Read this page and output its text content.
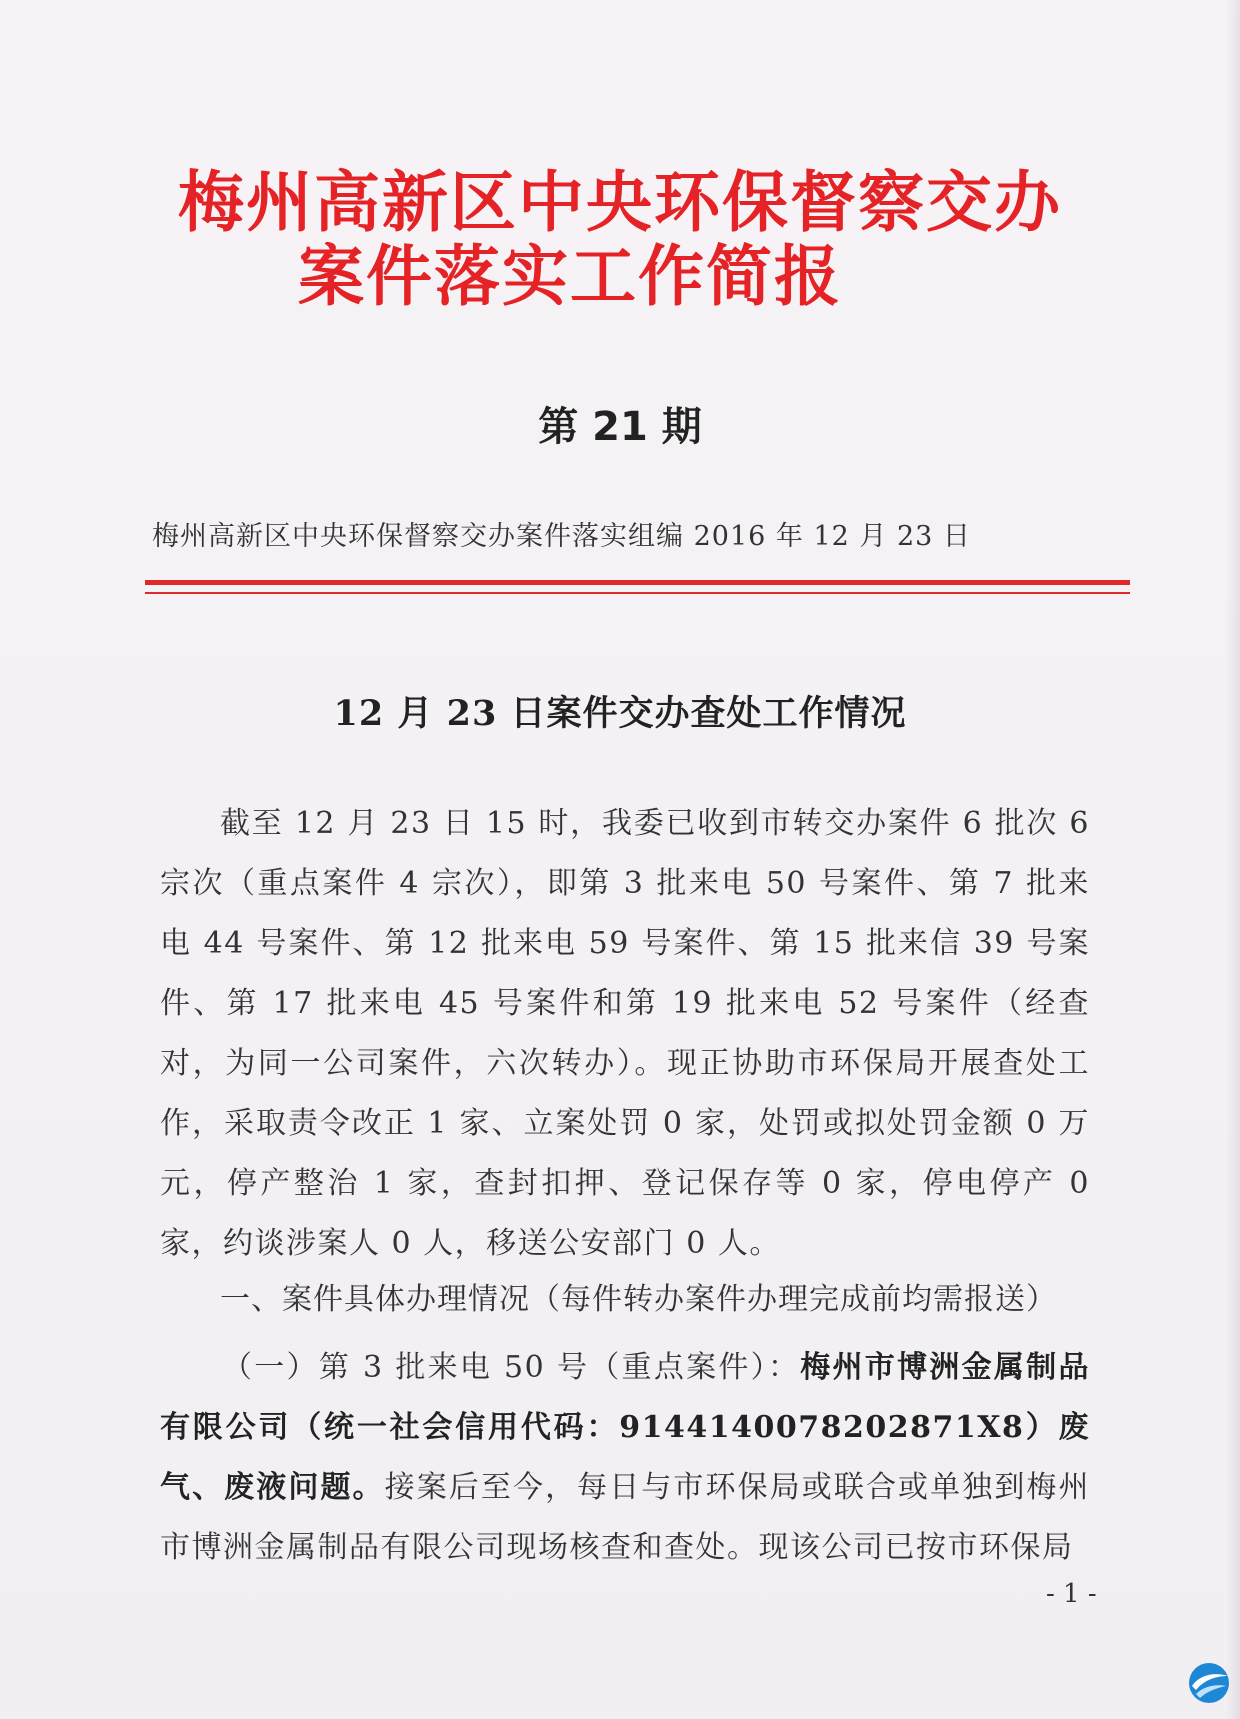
梅州高新区中央环保督察交办
案件落实工作简报
第 21 期
梅州高新区中央环保督察交办案件落实组编 2016 年 12 月 23 日
12 月 23 日案件交办查处工作情况
截至 12 月 23 日 15 时，我委已收到市转交办案件 6 批次 6 宗次（重点案件 4 宗次），即第 3 批来电 50 号案件、第 7 批来电 44 号案件、第 12 批来电 59 号案件、第 15 批来信 39 号案件、第 17 批来电 45 号案件和第 19 批来电 52 号案件（经查对，为同一公司案件，六次转办）。现正协助市环保局开展查处工作，采取责令改正 1 家、立案处罚 0 家，处罚或拟处罚金额 0 万元，停产整治 1 家，查封扣押、登记保存等 0 家，停电停产 0 家，约谈涉案人 0 人，移送公安部门 0 人。
一、案件具体办理情况（每件转办案件办理完成前均需报送）
（一）第 3 批来电 50 号（重点案件）：梅州市博洲金属制品有限公司（统一社会信用代码：9144140078202871X8）废气、废液问题。接案后至今，每日与市环保局或联合或单独到梅州市博洲金属制品有限公司现场核查和查处。现该公司已按市环保局
- 1 -
